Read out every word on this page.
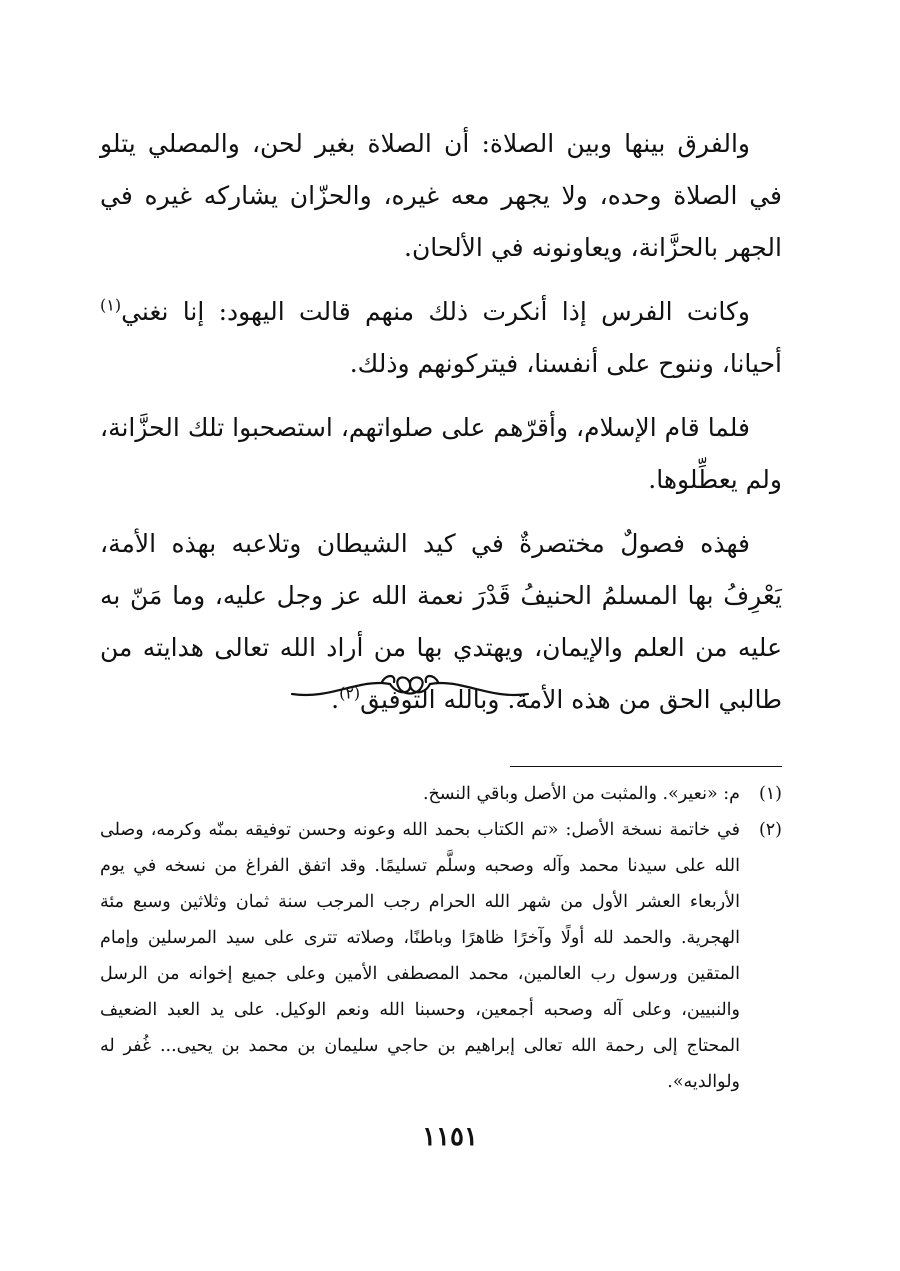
والفرق بينها وبين الصلاة: أن الصلاة بغير لحن، والمصلي يتلو في الصلاة وحده، ولا يجهر معه غيره، والحزّان يشاركه غيره في الجهر بالحزَّانة، ويعاونونه في الألحان.

وكانت الفرس إذا أنكرت ذلك منهم قالت اليهود: إنا نغني$^{(١)}$ أحيانا، وننوح على أنفسنا، فيتركونهم وذلك.

فلما قام الإسلام، وأقرّهم على صلواتهم، استصحبوا تلك الحزَّانة، ولم يعطِّلوها.

فهذه فصولٌ مختصرةٌ في كيد الشيطان وتلاعبه بهذه الأمة، يَعْرِفُ بها المسلمُ الحنيفُ قَدْرَ نعمة الله عز وجل عليه، وما مَنّ به عليه من العلم والإيمان، ويهتدي بها من أراد الله تعالى هدايته من طالبي الحق من هذه الأمة. وبالله التوفيق$^{(٢)}$.

(١)
م: «نعير». والمثبت من الأصل وباقي النسخ.
(٢)
في خاتمة نسخة الأصل: «تم الكتاب بحمد الله وعونه وحسن توفيقه بمنّه وكرمه، وصلى الله على سيدنا محمد وآله وصحبه وسلَّم تسليمًا. وقد اتفق الفراغ من نسخه في يوم الأربعاء العشر الأول من شهر الله الحرام رجب المرجب سنة ثمان وثلاثين وسبع مئة الهجرية. والحمد لله أولًا وآخرًا ظاهرًا وباطنًا، وصلاته تترى على سيد المرسلين وإمام المتقين ورسول رب العالمين، محمد المصطفى الأمين وعلى جميع إخوانه من الرسل والنبيين، وعلى آله وصحبه أجمعين، وحسبنا الله ونعم الوكيل. على يد العبد الضعيف المحتاج إلى رحمة الله تعالى إبراهيم بن حاجي سليمان بن محمد بن يحيى... غُفر له ولوالديه».
١١٥١
